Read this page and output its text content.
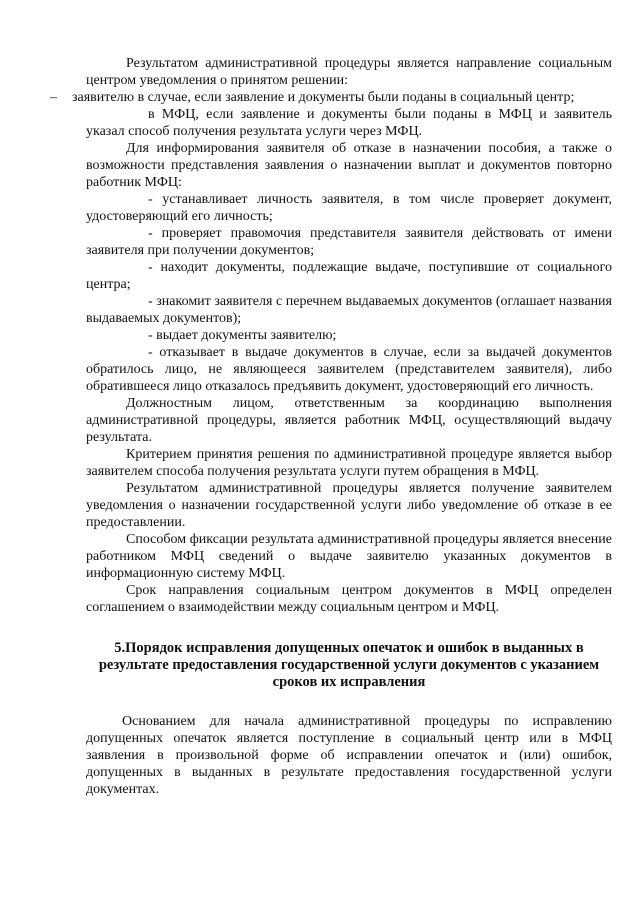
Результатом административной процедуры является направление социальным центром уведомления о принятом решении:

–	заявителю в случае, если заявление и документы были поданы в социальный центр;

в МФЦ, если заявление и документы были поданы в МФЦ и заявитель указал способ получения результата услуги через МФЦ.

Для информирования заявителя об отказе в назначении пособия, а также о возможности представления заявления о назначении выплат и документов повторно работник МФЦ:

- устанавливает личность заявителя, в том числе проверяет документ, удостоверяющий его личность;

- проверяет правомочия представителя заявителя действовать от имени заявителя при получении документов;

- находит документы, подлежащие выдаче, поступившие от социального центра;

- знакомит заявителя с перечнем выдаваемых документов (оглашает названия выдаваемых документов);

- выдает документы заявителю;

- отказывает в выдаче документов в случае, если за выдачей документов обратилось лицо, не являющееся заявителем (представителем заявителя), либо обратившееся лицо отказалось предъявить документ, удостоверяющий его личность.

Должностным лицом, ответственным за координацию выполнения административной процедуры, является работник МФЦ, осуществляющий выдачу результата.

Критерием принятия решения по административной процедуре является выбор заявителем способа получения результата услуги путем обращения в МФЦ.

Результатом административной процедуры является получение заявителем уведомления о назначении государственной услуги либо уведомление об отказе в ее предоставлении.

Способом фиксации результата административной процедуры является внесение работником МФЦ сведений о выдаче заявителю указанных документов в информационную систему МФЦ.

Срок направления социальным центром документов в МФЦ определен соглашением о взаимодействии между социальным центром и МФЦ.

5.Порядок исправления допущенных опечаток и ошибок в выданных в результате предоставления государственной услуги документов с указанием сроков их исправления

Основанием для начала административной процедуры по исправлению допущенных опечаток является поступление в социальный центр или в МФЦ заявления в произвольной форме об исправлении опечаток и (или) ошибок, допущенных в выданных в результате предоставления государственной услуги документах.
